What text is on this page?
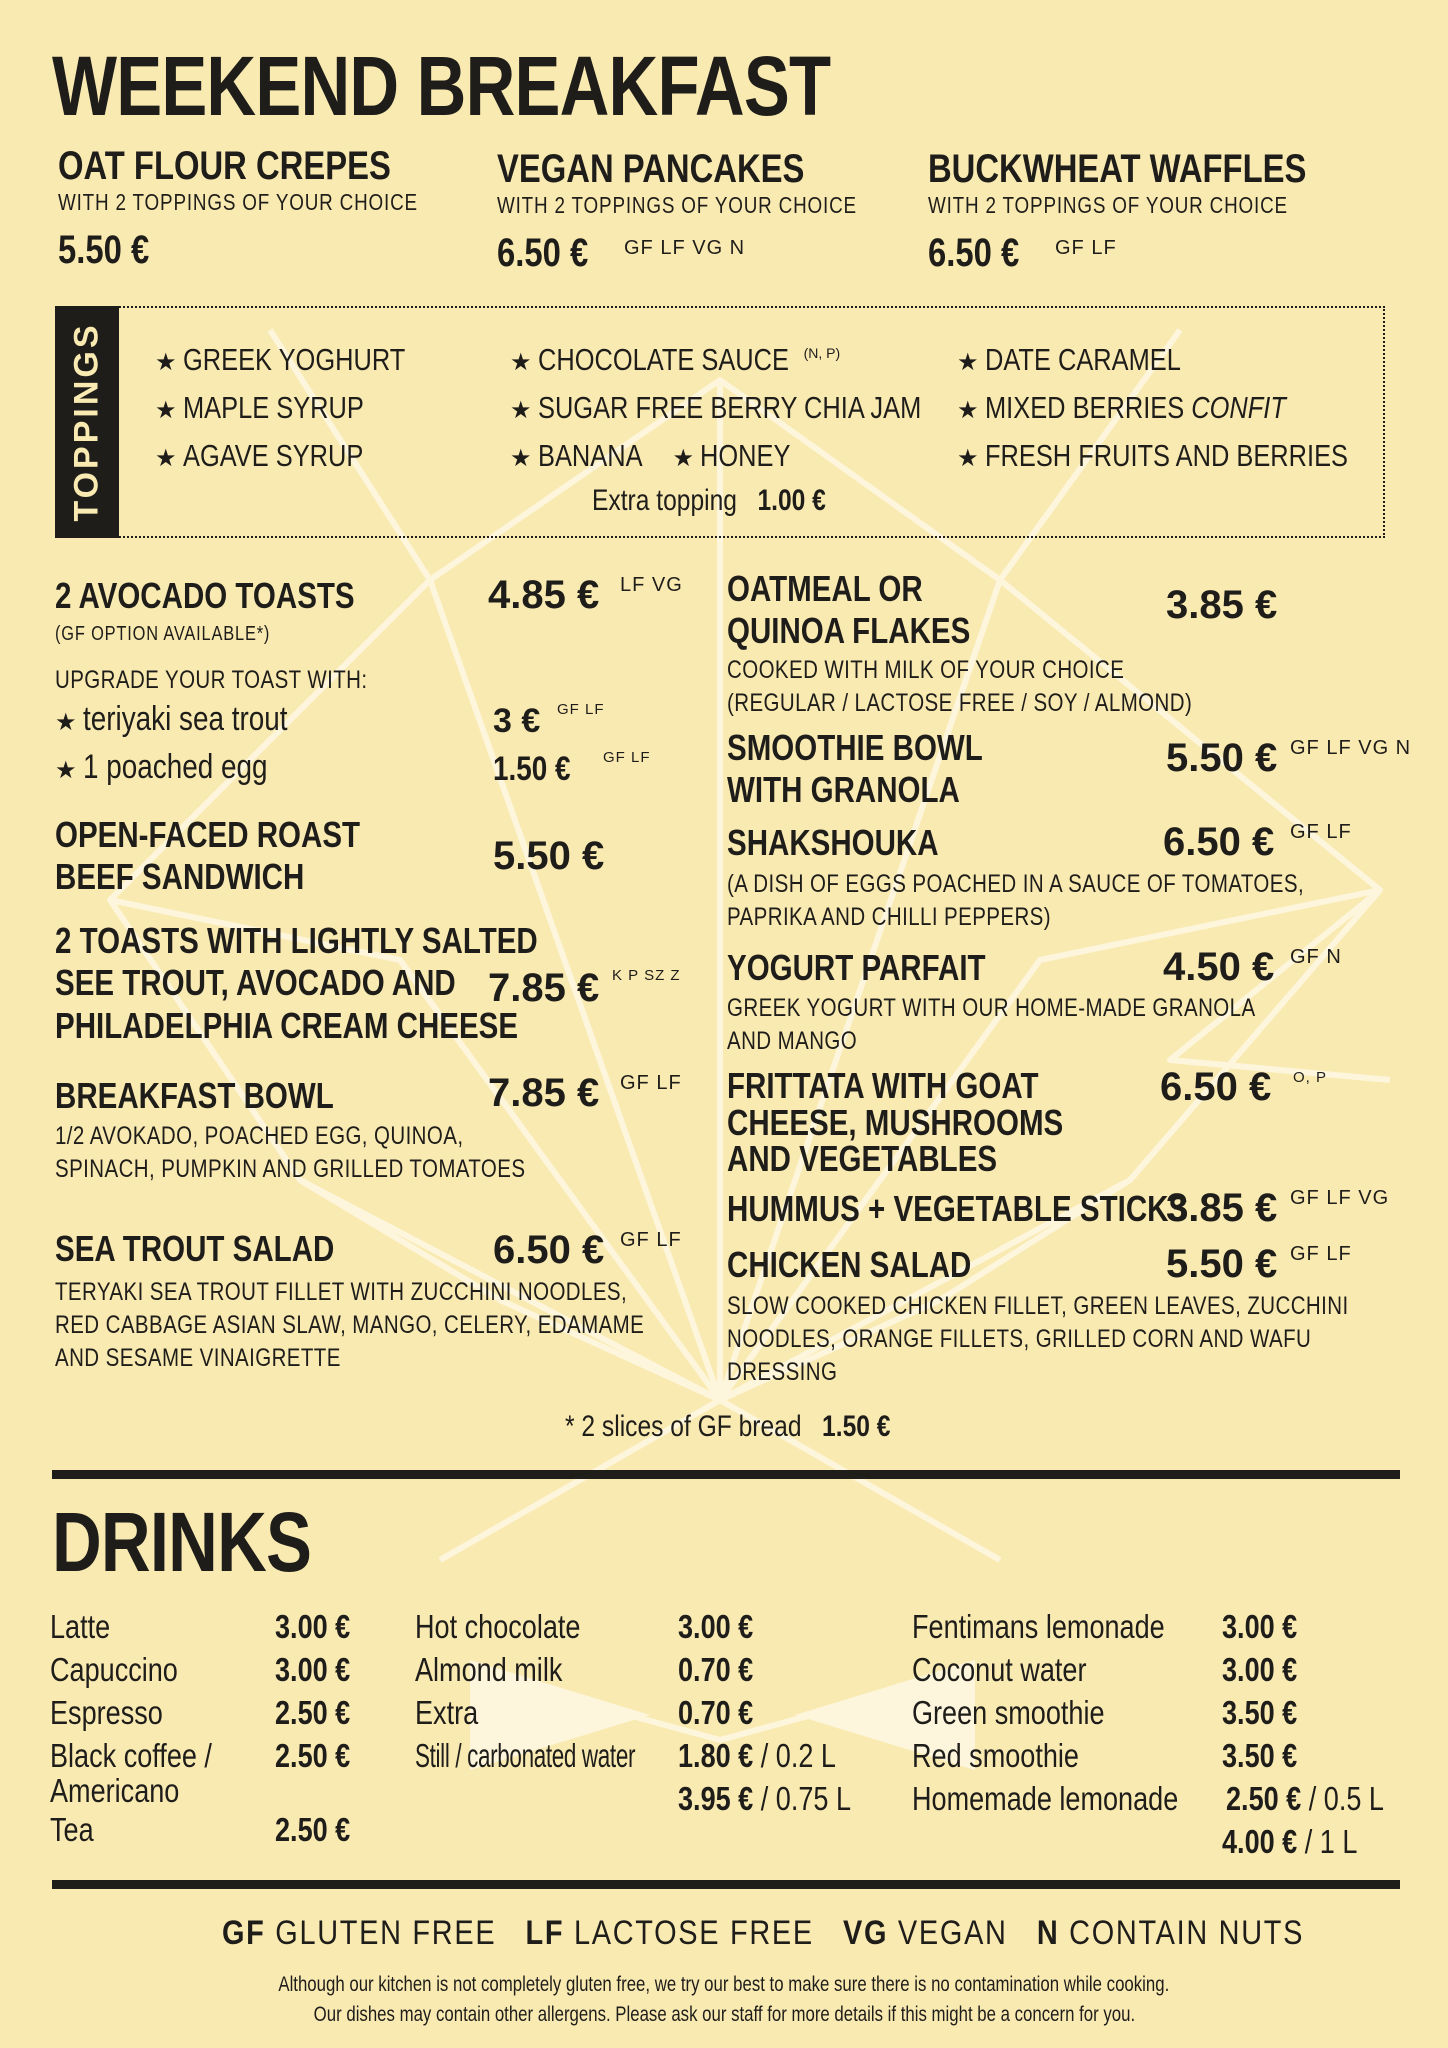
WEEKEND BREAKFAST
OAT FLOUR CREPES
WITH 2 TOPPINGS OF YOUR CHOICE
5.50 €
VEGAN PANCAKES
WITH 2 TOPPINGS OF YOUR CHOICE
6.50 €	GF LF VG N
BUCKWHEAT WAFFLES
WITH 2 TOPPINGS OF YOUR CHOICE
6.50 €	GF LF
TOPPINGS ★ GREEK YOGHURT
★ MAPLE SYRUP
★ AGAVE SYRUP
★ CHOCOLATE SAUCE $^{(N, P)}$
★ SUGAR FREE BERRY CHIA JAM
★ BANANA ★ HONEY
★ DATE CARAMEL
★ MIXED BERRIES CONFIT
★ FRESH FRUITS AND BERRIES
Extra topping 1.00 €
2 AVOCADO TOASTS	4.85 € LF VG
(GF OPTION AVAILABLE*)
UPGRADE YOUR TOAST WITH:
★ teriyaki sea trout	3 € GF LF
★ 1 poached egg	1.50 €	GF LF
OPEN-FACED ROAST
BEEF SANDWICH	5.50 €
2 TOASTS WITH LIGHTLY SALTED
SEE TROUT, AVOCADO AND
PHILADELPHIA CREAM CHEESE
7.85 € K P SZ Z
BREAKFAST BOWL	7.85 € GF LF
1/2 AVOKADO, POACHED EGG, QUINOA,
SPINACH, PUMPKIN AND GRILLED TOMATOES
SEA TROUT SALAD	6.50 € GF LF
TERYAKI SEA TROUT FILLET WITH ZUCCHINI NOODLES,
RED CABBAGE ASIAN SLAW, MANGO, CELERY, EDAMAME
AND SESAME VINAIGRETTE
OATMEAL OR
QUINOA FLAKES
3.85 €
COOKED WITH MILK OF YOUR CHOICE
(REGULAR / LACTOSE FREE / SOY / ALMOND)
SMOOTHIE BOWL
WITH GRANOLA
5.50 € GF LF VG N
SHAKSHOUKA	6.50 € GF LF
(A DISH OF EGGS POACHED IN A SAUCE OF TOMATOES,
PAPRIKA AND CHILLI PEPPERS)
YOGURT PARFAIT	4.50 € GF N
GREEK YOGURT WITH OUR HOME-MADE GRANOLA
AND MANGO
FRITTATA WITH GOAT
CHEESE, MUSHROOMS
AND VEGETABLES
6.50 € O, P
HUMMUS + VEGETABLE STICKS
3.85 € GF LF VG
CHICKEN SALAD	5.50 € GF LF
SLOW COOKED CHICKEN FILLET, GREEN LEAVES, ZUCCHINI
NOODLES, ORANGE FILLETS, GRILLED CORN AND WAFU
DRESSING
* 2 slices of GF bread 1.50 €
DRINKS
Latte	3.00 €
Capuccino	3.00 €
Espresso	2.50 €
Black coffee / 2.50 €
Americano
Tea	2.50 €
Hot chocolate	3.00 €
Almond milk	0.70 €
Extra	0.70 €
Still / carbonated water 1.80 € / 0.2 L
3.95 € / 0.75 L
Fentimans lemonade 3.00 €
Coconut water	3.00 €
Green smoothie	3.50 €
Red smoothie	3.50 €
Homemade lemonade 2.50 € / 0.5 L
4.00 € / 1 L
GF GLUTEN FREE LF LACTOSE FREE VG VEGAN N CONTAIN NUTS
Although our kitchen is not completely gluten free, we try our best to make sure there is no contamination while cooking.
Our dishes may contain other allergens. Please ask our staff for more details if this might be a concern for you.
